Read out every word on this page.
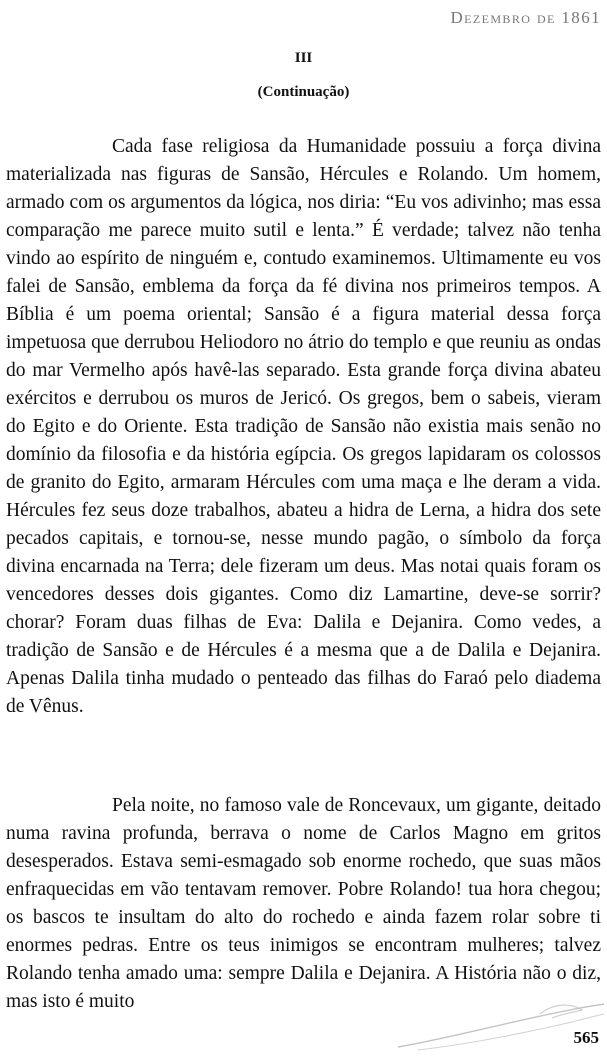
Dezembro de 1861
III
(Continuação)

Cada fase religiosa da Humanidade possuiu a força divina materializada nas figuras de Sansão, Hércules e Rolando. Um homem, armado com os argumentos da lógica, nos diria: “Eu vos adivinho; mas essa comparação me parece muito sutil e lenta.” É verdade; talvez não tenha vindo ao espírito de ninguém e, contudo examinemos. Ultimamente eu vos falei de Sansão, emblema da força da fé divina nos primeiros tempos. A Bíblia é um poema oriental; Sansão é a figura material dessa força impetuosa que derrubou Heliodoro no átrio do templo e que reuniu as ondas do mar Vermelho após havê-las separado. Esta grande força divina abateu exércitos e derrubou os muros de Jericó. Os gregos, bem o sabeis, vieram do Egito e do Oriente. Esta tradição de Sansão não existia mais senão no domínio da filosofia e da história egípcia. Os gregos lapidaram os colossos de granito do Egito, armaram Hércules com uma maça e lhe deram a vida. Hércules fez seus doze trabalhos, abateu a hidra de Lerna, a hidra dos sete pecados capitais, e tornou-se, nesse mundo pagão, o símbolo da força divina encarnada na Terra; dele fizeram um deus. Mas notai quais foram os vencedores desses dois gigantes. Como diz Lamartine, deve-se sorrir? chorar? Foram duas filhas de Eva: Dalila e Dejanira. Como vedes, a tradição de Sansão e de Hércules é a mesma que a de Dalila e Dejanira. Apenas Dalila tinha mudado o penteado das filhas do Faraó pelo diadema de Vênus.

Pela noite, no famoso vale de Roncevaux, um gigante, deitado numa ravina profunda, berrava o nome de Carlos Magno em gritos desesperados. Estava semi-esmagado sob enorme rochedo, que suas mãos enfraquecidas em vão tentavam remover. Pobre Rolando! tua hora chegou; os bascos te insultam do alto do rochedo e ainda fazem rolar sobre ti enormes pedras. Entre os teus inimigos se encontram mulheres; talvez Rolando tenha amado uma: sempre Dalila e Dejanira. A História não o diz, mas isto é muito

565
